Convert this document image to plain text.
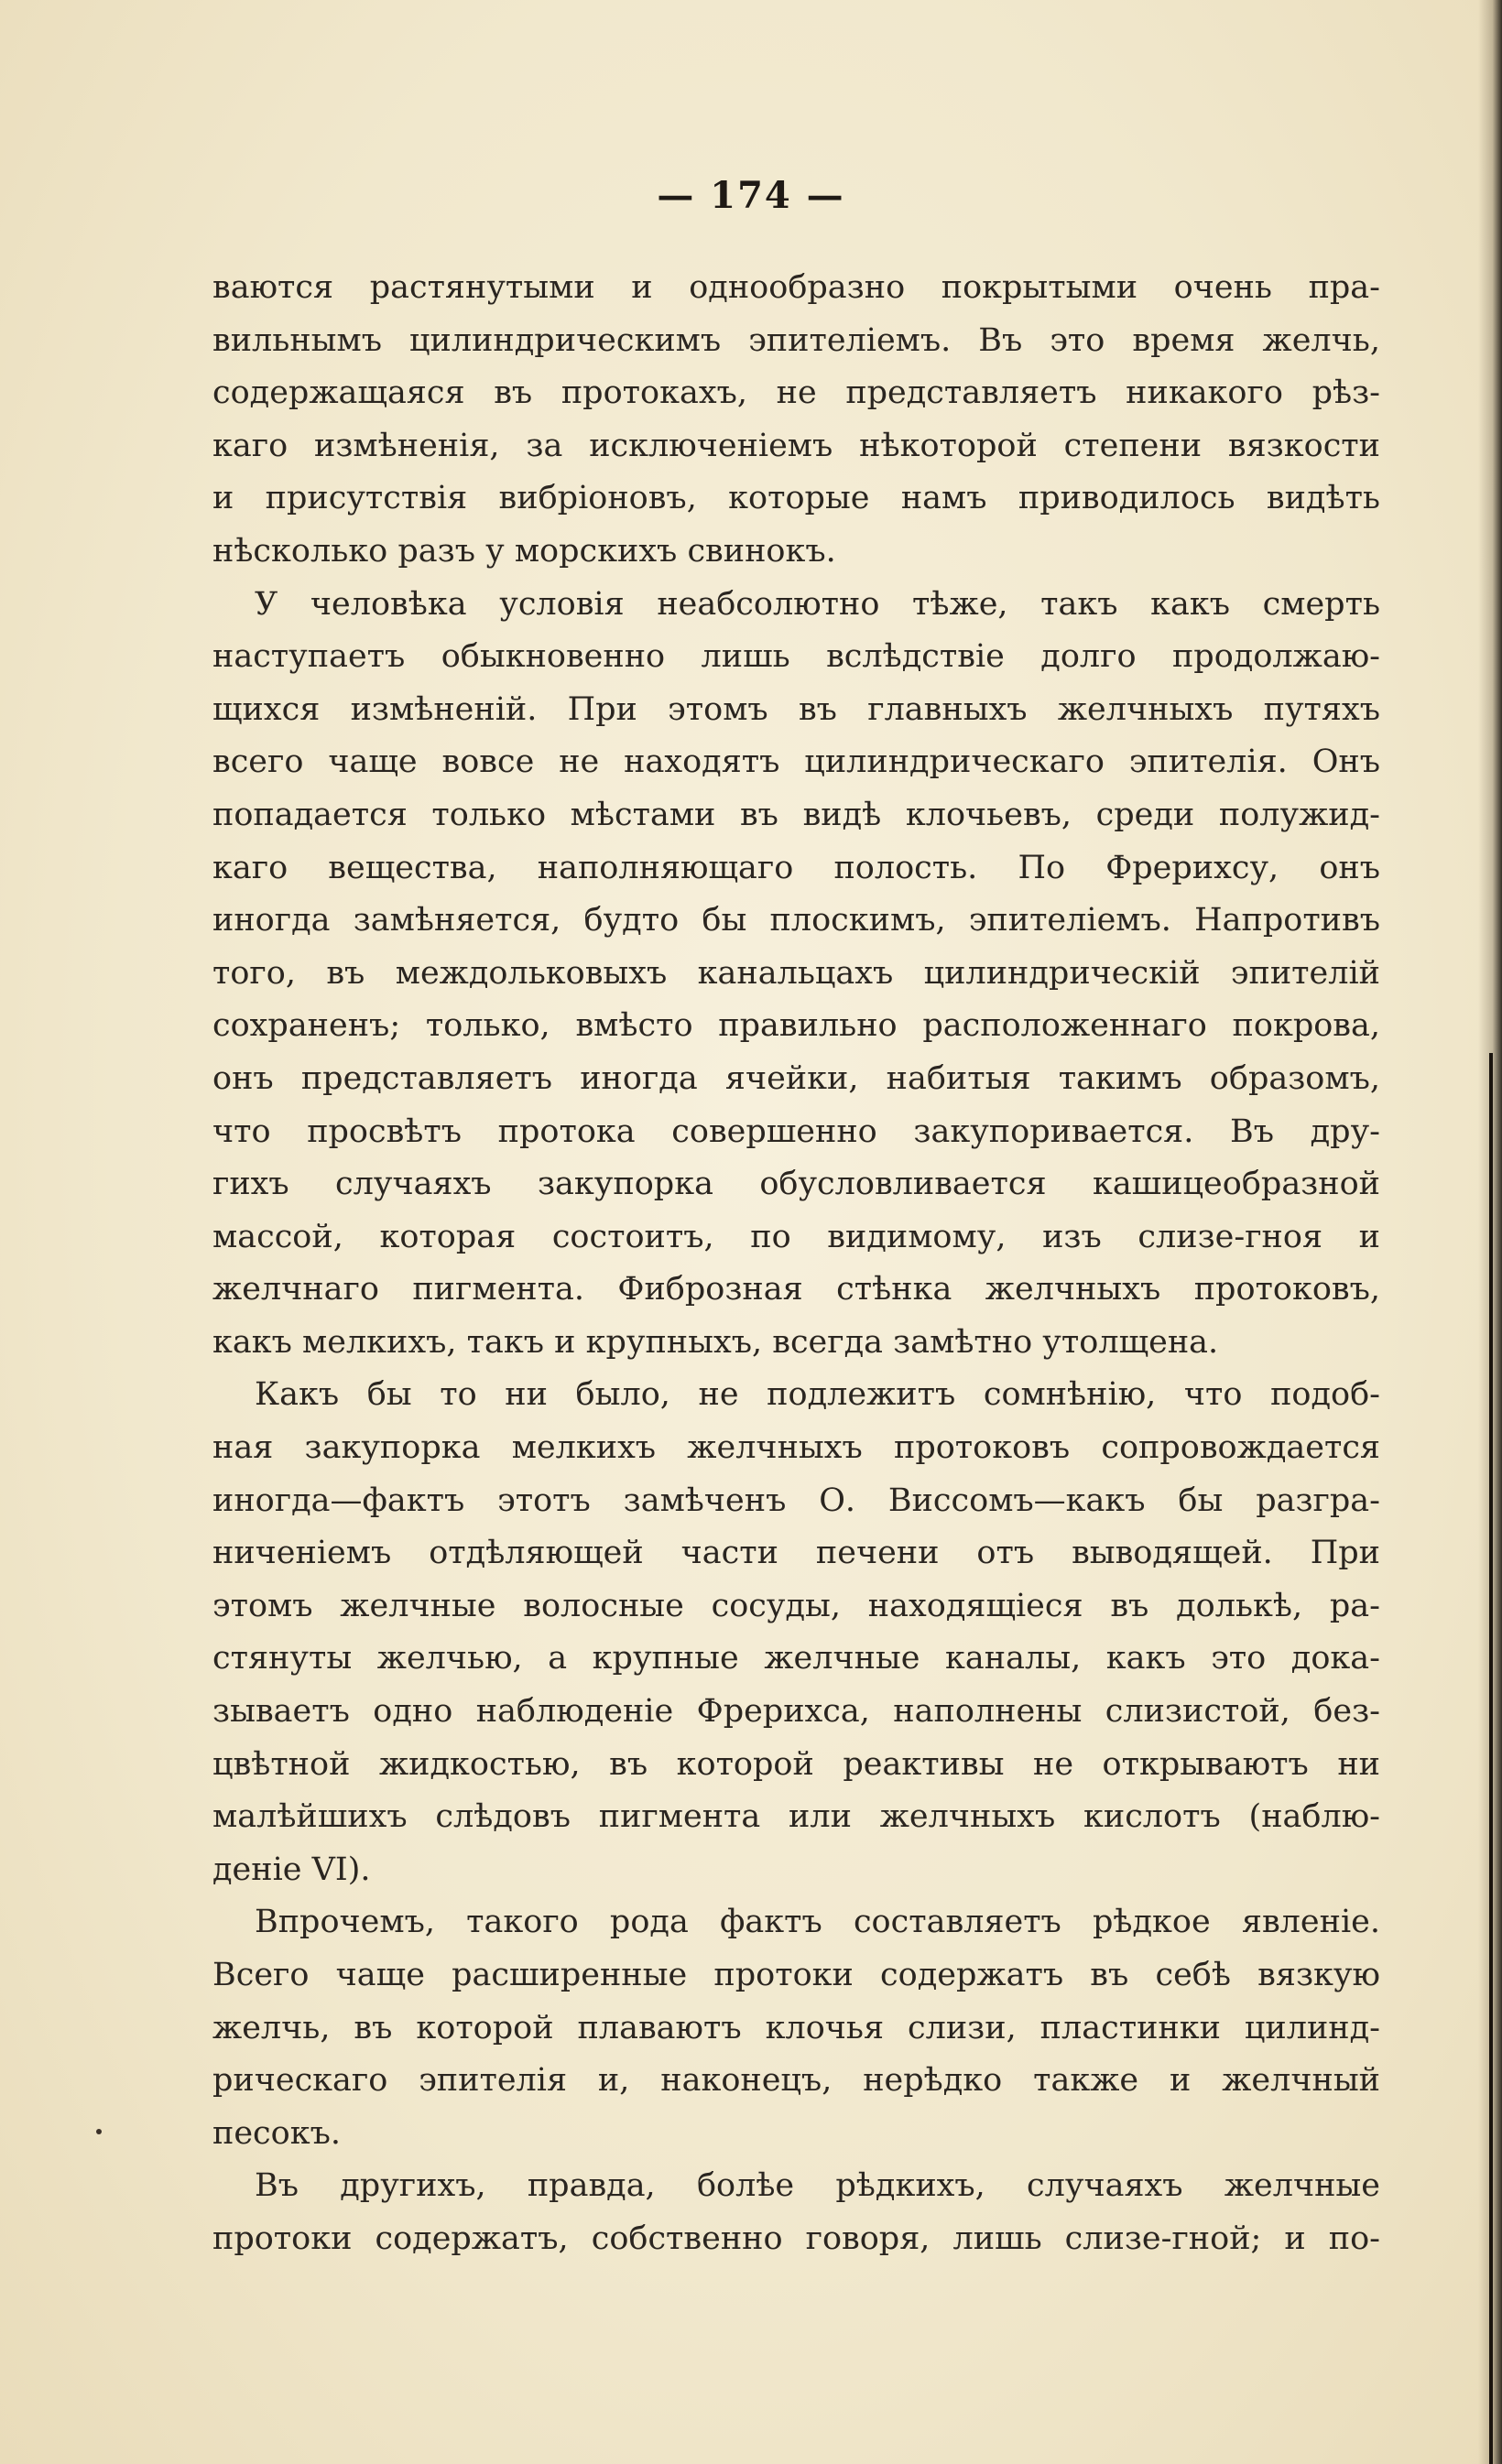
— 174 —
ваются растянутыми и однообразно покрытыми очень пра-
вильнымъ цилиндрическимъ эпителіемъ. Въ это время желчь,
содержащаяся въ протокахъ, не представляетъ никакого рѣз-
каго измѣненія, за исключеніемъ нѣкоторой степени вязкости
и присутствія вибріоновъ, которые намъ приводилось видѣть
нѣсколько разъ у морскихъ свинокъ.
У человѣка условія неабсолютно тѣже, такъ какъ смерть
наступаетъ обыкновенно лишь вслѣдствіе долго продолжаю-
щихся измѣненій. При этомъ въ главныхъ желчныхъ путяхъ
всего чаще вовсе не находятъ цилиндрическаго эпителія. Онъ
попадается только мѣстами въ видѣ клочьевъ, среди полужид-
каго вещества, наполняющаго полость. По Фрерихсу, онъ
иногда замѣняется, будто бы плоскимъ, эпителіемъ. Напротивъ
того, въ междольковыхъ канальцахъ цилиндрическій эпителій
сохраненъ; только, вмѣсто правильно расположеннаго покрова,
онъ представляетъ иногда ячейки, набитыя такимъ образомъ,
что просвѣтъ протока совершенно закупоривается. Въ дру-
гихъ случаяхъ закупорка обусловливается кашицеобразной
массой, которая состоитъ, по видимому, изъ слизе-гноя и
желчнаго пигмента. Фиброзная стѣнка желчныхъ протоковъ,
какъ мелкихъ, такъ и крупныхъ, всегда замѣтно утолщена.
Какъ бы то ни было, не подлежитъ сомнѣнію, что подоб-
ная закупорка мелкихъ желчныхъ протоковъ сопровождается
иногда—фактъ этотъ замѣченъ О. Виссомъ—какъ бы разгра-
ниченіемъ отдѣляющей части печени отъ выводящей. При
этомъ желчные волосные сосуды, находящіеся въ долькѣ, ра-
стянуты желчью, а крупные желчные каналы, какъ это дока-
зываетъ одно наблюденіе Фрерихса, наполнены слизистой, без-
цвѣтной жидкостью, въ которой реактивы не открываютъ ни
малѣйшихъ слѣдовъ пигмента или желчныхъ кислотъ (наблю-
деніе VI).
Впрочемъ, такого рода фактъ составляетъ рѣдкое явленіе.
Всего чаще расширенные протоки содержатъ въ себѣ вязкую
желчь, въ которой плаваютъ клочья слизи, пластинки цилинд-
рическаго эпителія и, наконецъ, нерѣдко также и желчный
песокъ.
Въ другихъ, правда, болѣе рѣдкихъ, случаяхъ желчные
протоки содержатъ, собственно говоря, лишь слизе-гной; и по-
